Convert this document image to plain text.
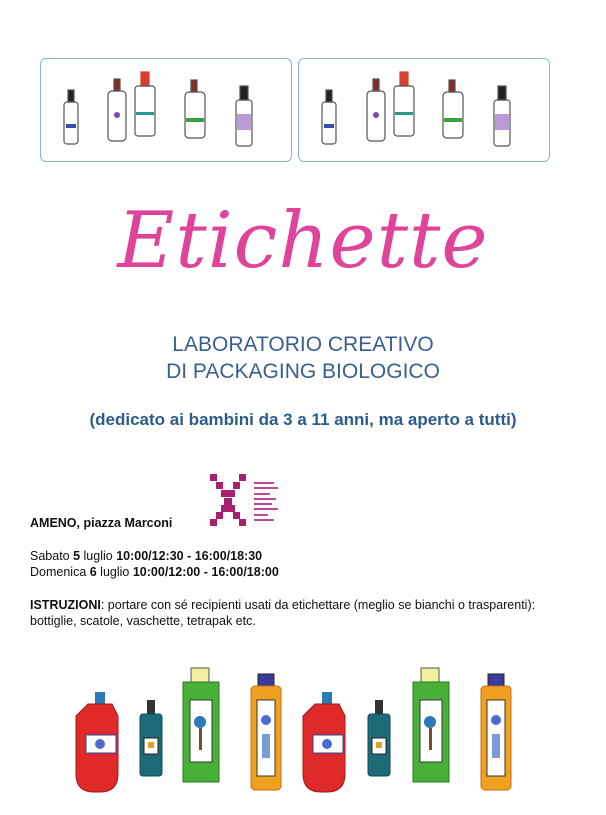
Etichette
LABORATORIO CREATIVO
DI PACKAGING BIOLOGICO
(dedicato ai bambini da 3 a 11 anni, ma aperto a tutti)
AMENO, piazza Marconi
Sabato 5 luglio 10:00/12:30 - 16:00/18:30
Domenica 6 luglio 10:00/12:00 - 16:00/18:00
ISTRUZIONI: portare con sé recipienti usati da etichettare (meglio se bianchi o trasparenti): bottiglie, scatole, vaschette, tetrapak etc.
